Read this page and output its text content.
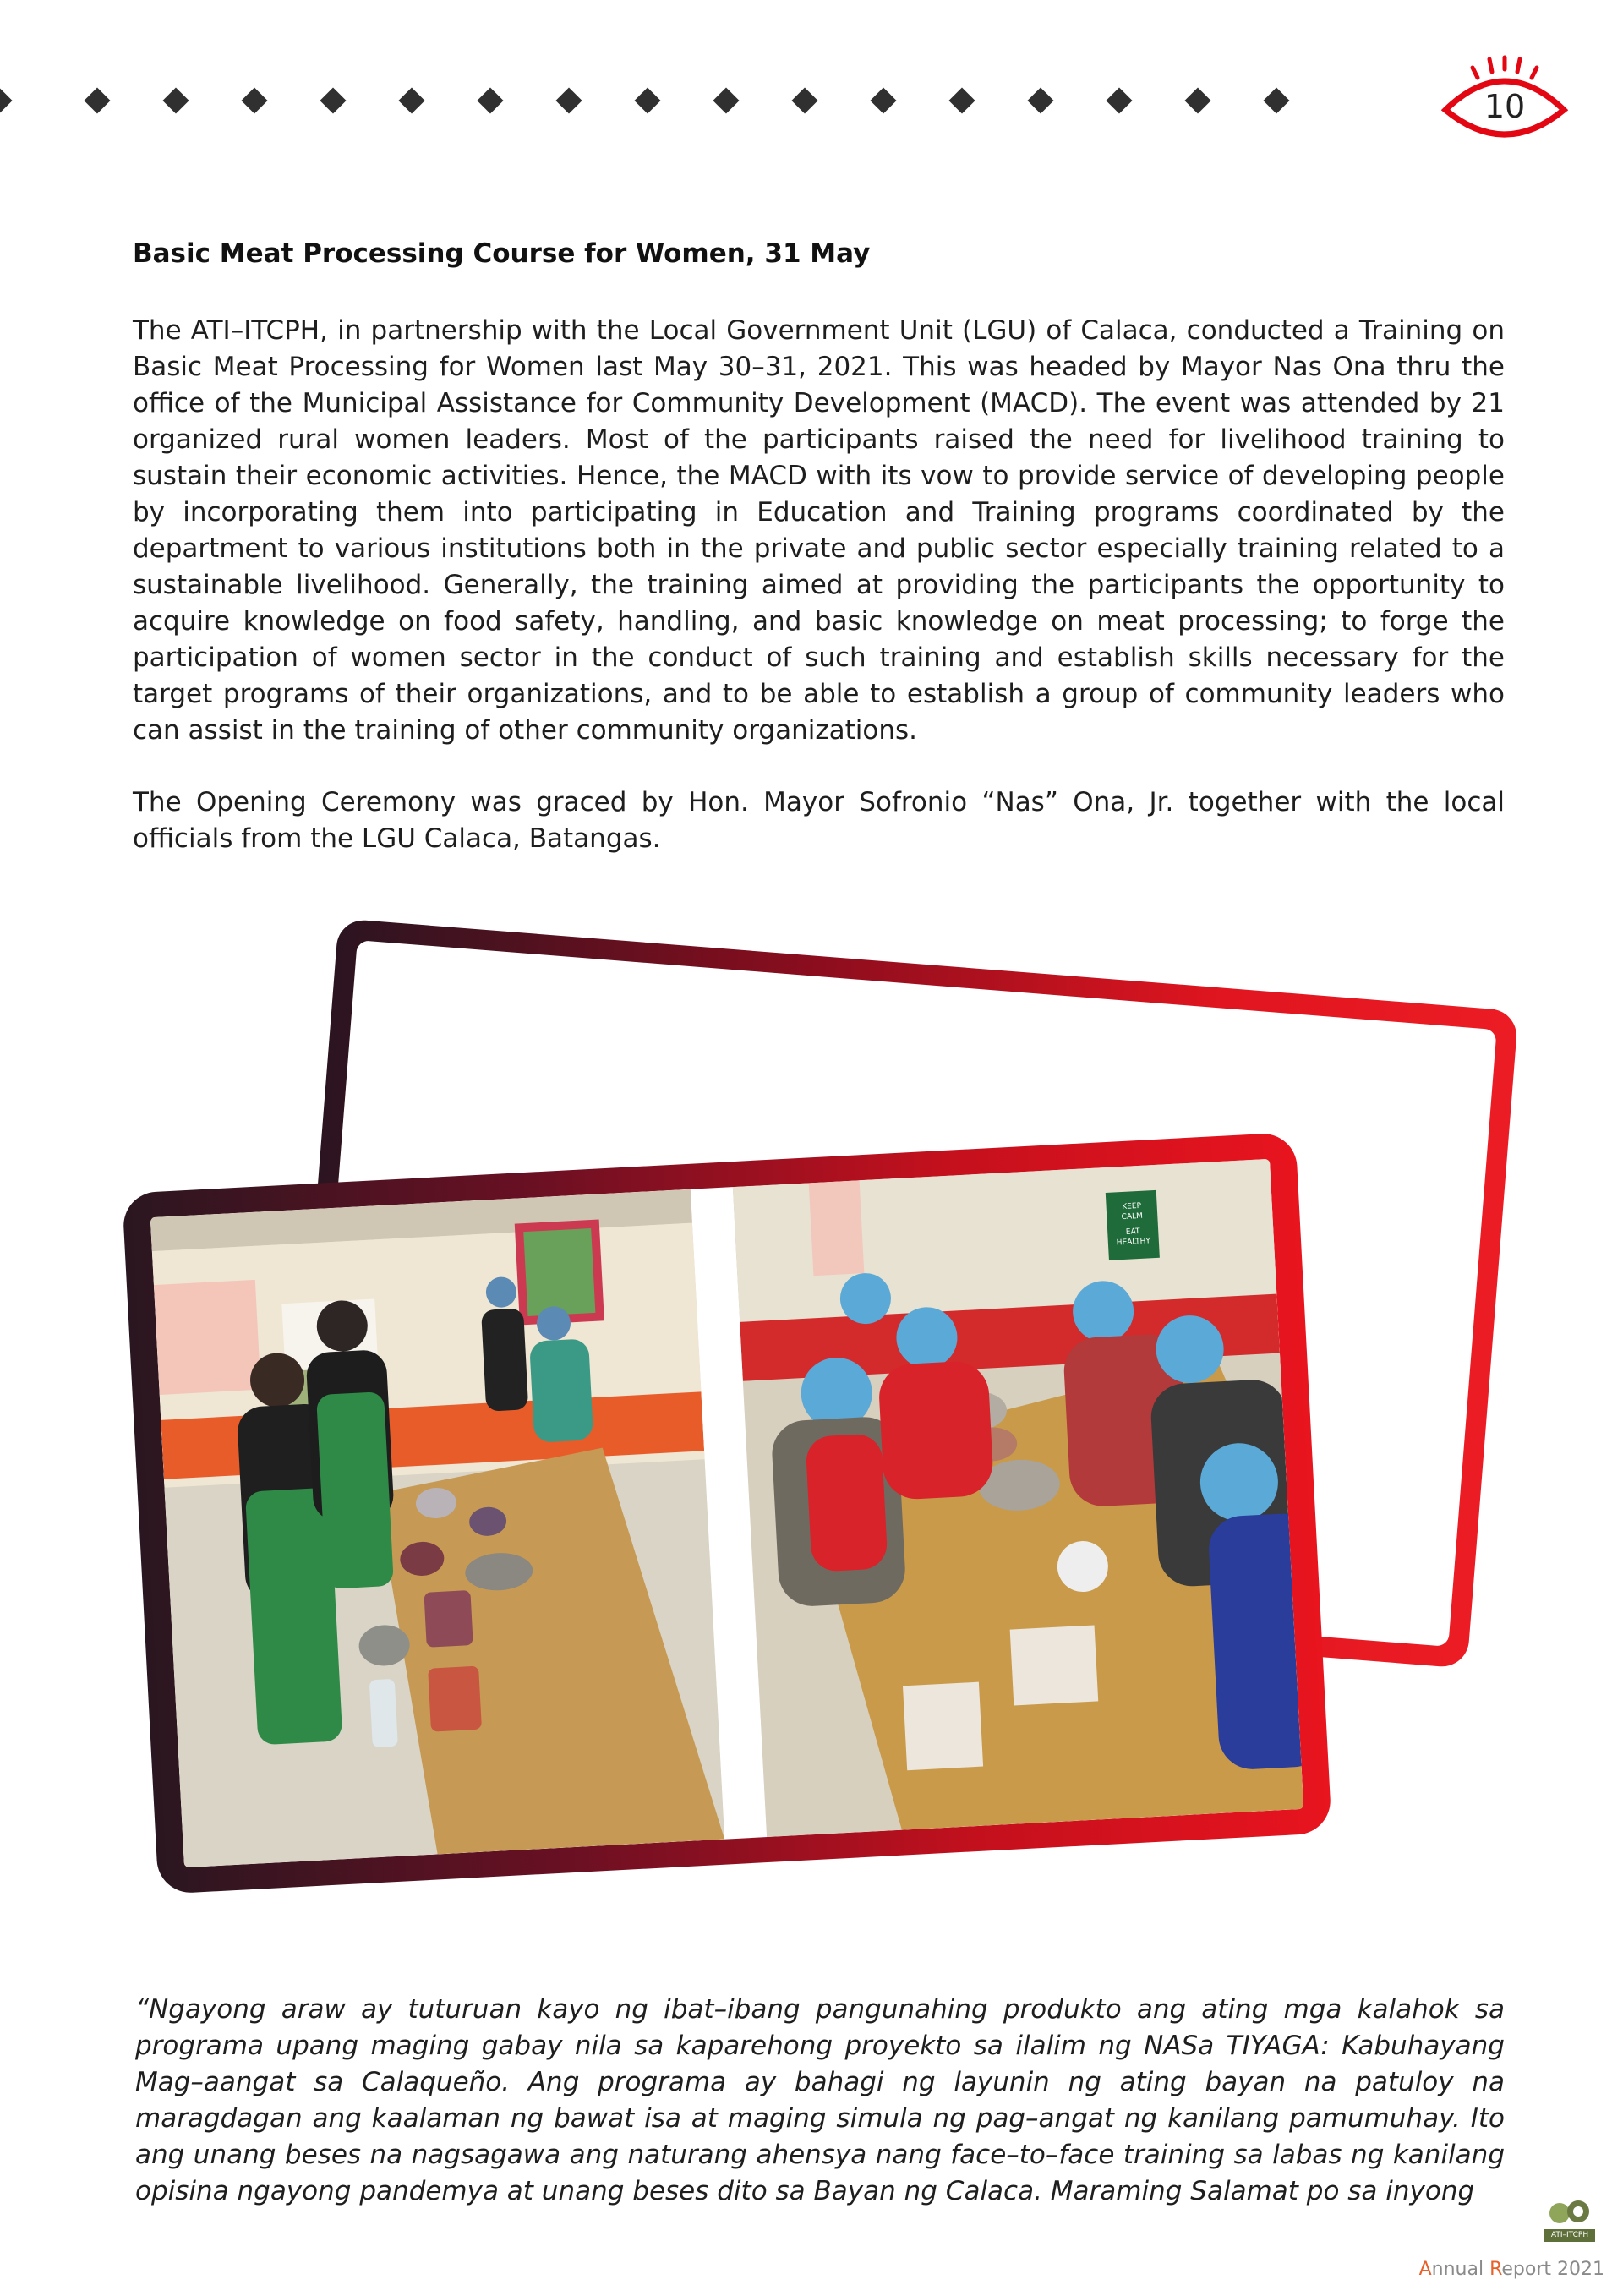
10
Basic Meat Processing Course for Women, 31 May

The ATI–ITCPH, in partnership with the Local Government Unit (LGU) of Calaca, conducted a Training on Basic Meat Processing for Women last May 30–31, 2021. This was headed by Mayor Nas Ona thru the office of the Municipal Assistance for Community Development (MACD). The event was attended by 21 organized rural women leaders. Most of the participants raised the need for livelihood training to sustain their economic activities. Hence, the MACD with its vow to provide service of developing people by incorporating them into participating in Education and Training programs coordinated by the department to various institutions both in the private and public sector especially training related to a sustainable livelihood. Generally, the training aimed at providing the participants the opportunity to acquire knowledge on food safety, handling, and basic knowledge on meat processing; to forge the participation of women sector in the conduct of such training and establish skills necessary for the target programs of their organizations, and to be able to establish a group of community leaders who can assist in the training of other community organizations.

The Opening Ceremony was graced by Hon. Mayor Sofronio “Nas” Ona, Jr. together with the local officials from the LGU Calaca, Batangas.

KEEP
CALM
EAT
HEALTHY

“Ngayong araw ay tuturuan kayo ng ibat–ibang pangunahing produkto ang ating mga kalahok sa programa upang maging gabay nila sa kaparehong proyekto sa ilalim ng NASa TIYAGA: Kabuhayang Mag–aangat sa Calaqueño. Ang programa ay bahagi ng layunin ng ating bayan na patuloy na maragdagan ang kaalaman ng bawat isa at maging simula ng pag–angat ng kanilang pamumuhay. Ito ang unang beses na nagsagawa ang naturang ahensya nang face–to–face training sa labas ng kanilang opisina ngayong pandemya at unang beses dito sa Bayan ng Calaca. Maraming Salamat po sa inyong

ATI–ITCPH
Annual Report 2021
